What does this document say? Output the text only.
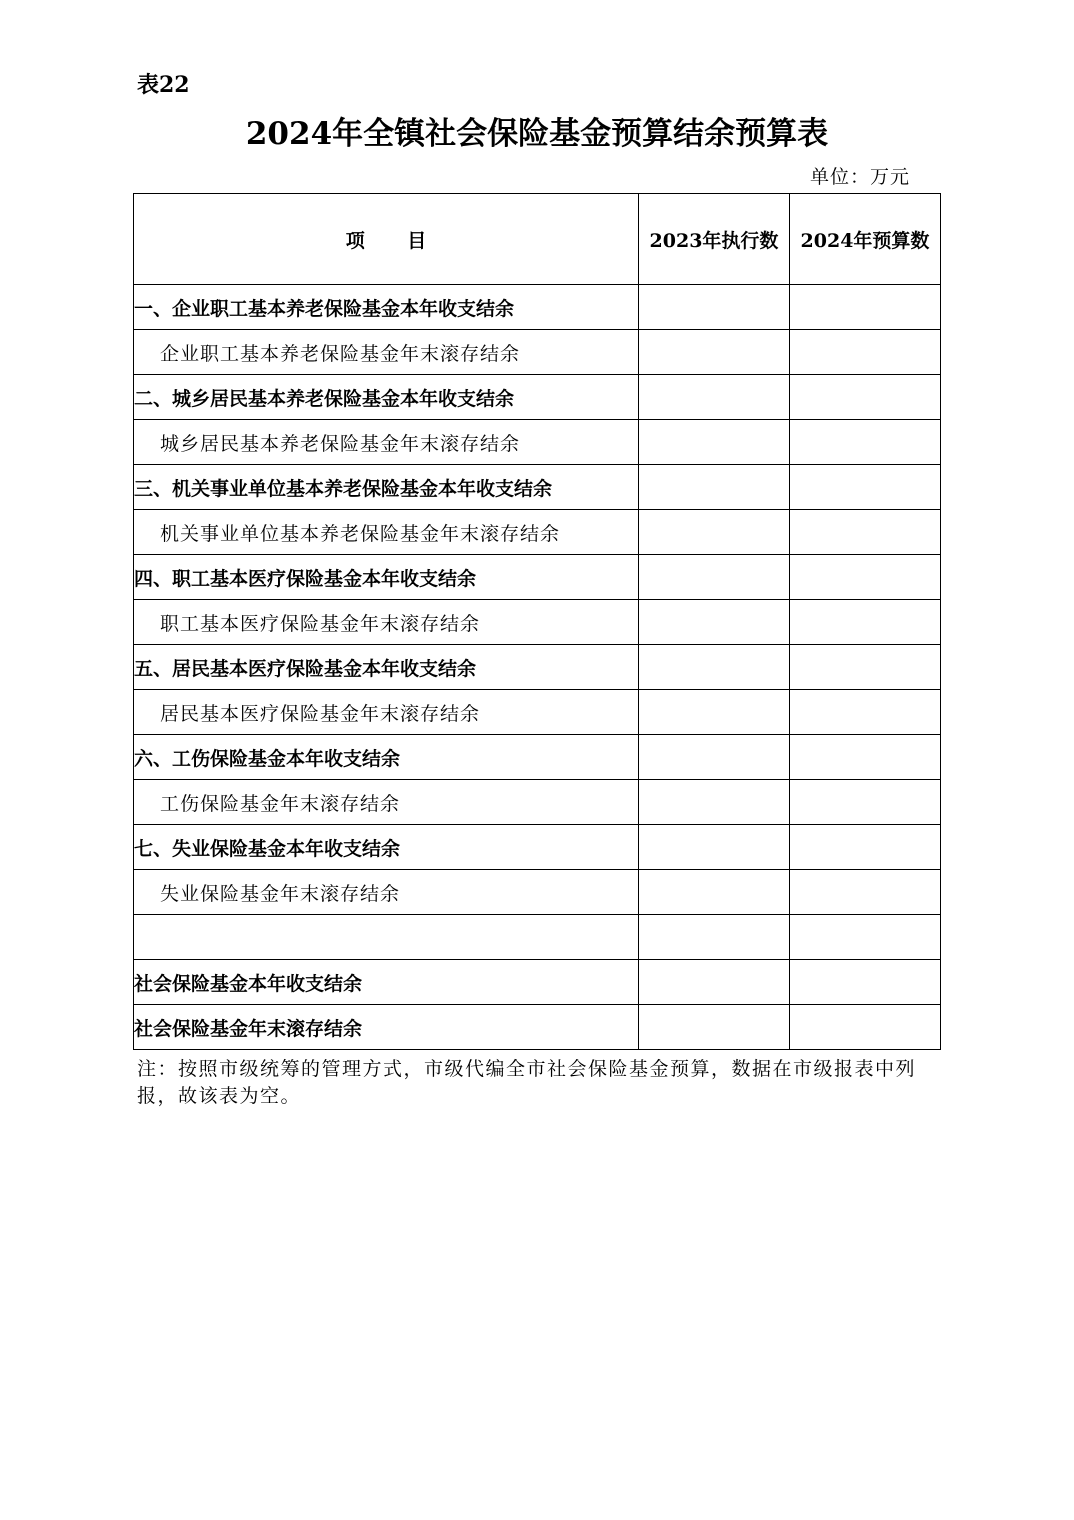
表22
2024年全镇社会保险基金预算结余预算表
单位：万元
项 目	2023年执行数	2024年预算数
一、企业职工基本养老保险基金本年收支结余		
企业职工基本养老保险基金年末滚存结余		
二、城乡居民基本养老保险基金本年收支结余		
城乡居民基本养老保险基金年末滚存结余		
三、机关事业单位基本养老保险基金本年收支结余		
机关事业单位基本养老保险基金年末滚存结余		
四、职工基本医疗保险基金本年收支结余		
职工基本医疗保险基金年末滚存结余		
五、居民基本医疗保险基金本年收支结余		
居民基本医疗保险基金年末滚存结余		
六、工伤保险基金本年收支结余		
工伤保险基金年末滚存结余		
七、失业保险基金本年收支结余		
失业保险基金年末滚存结余		

社会保险基金本年收支结余		
社会保险基金年末滚存结余		
注：按照市级统筹的管理方式，市级代编全市社会保险基金预算，数据在市级报表中列报，故该表为空。
